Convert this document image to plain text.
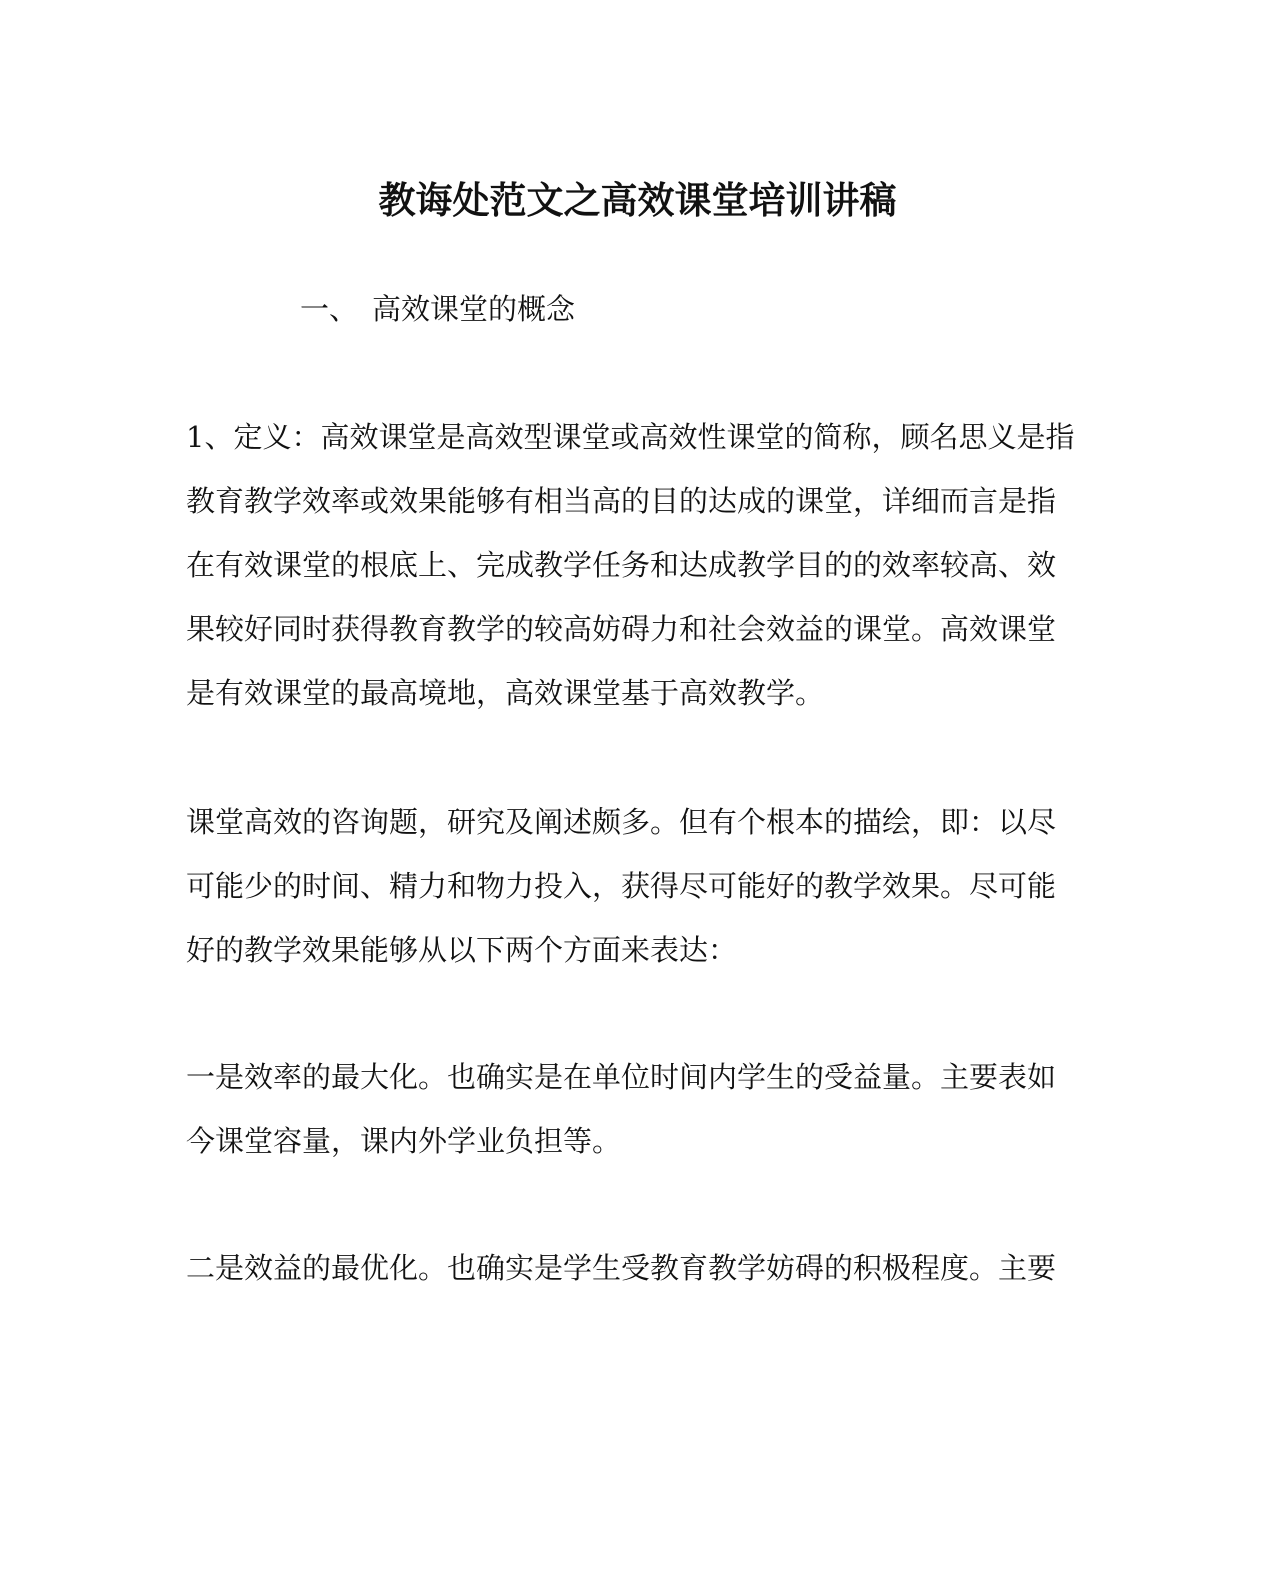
教诲处范文之高效课堂培训讲稿
一、 高效课堂的概念
1、定义：高效课堂是高效型课堂或高效性课堂的简称，顾名思义是指
教育教学效率或效果能够有相当高的目的达成的课堂，详细而言是指
在有效课堂的根底上、完成教学任务和达成教学目的的效率较高、效
果较好同时获得教育教学的较高妨碍力和社会效益的课堂。高效课堂
是有效课堂的最高境地，高效课堂基于高效教学。
课堂高效的咨询题，研究及阐述颇多。但有个根本的描绘，即：以尽
可能少的时间、精力和物力投入，获得尽可能好的教学效果。尽可能
好的教学效果能够从以下两个方面来表达：
一是效率的最大化。也确实是在单位时间内学生的受益量。主要表如
今课堂容量，课内外学业负担等。
二是效益的最优化。也确实是学生受教育教学妨碍的积极程度。主要
